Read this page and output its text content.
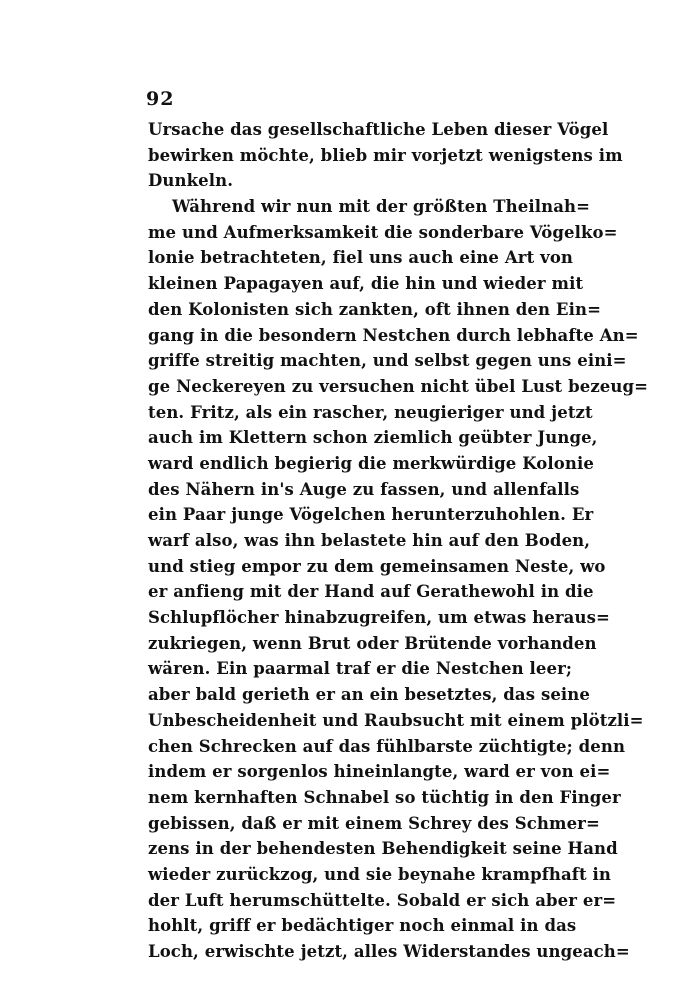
92
Ursache das gesellschaftliche Leben dieser Vögel
bewirken möchte, blieb mir vorjetzt wenigstens im
Dunkeln.
Während wir nun mit der größten Theilnah=
me und Aufmerksamkeit die sonderbare Vögelko=
lonie betrachteten, fiel uns auch eine Art von
kleinen Papagayen auf, die hin und wieder mit
den Kolonisten sich zankten, oft ihnen den Ein=
gang in die besondern Nestchen durch lebhafte An=
griffe streitig machten, und selbst gegen uns eini=
ge Neckereyen zu versuchen nicht übel Lust bezeug=
ten. Fritz, als ein rascher, neugieriger und jetzt
auch im Klettern schon ziemlich geübter Junge,
ward endlich begierig die merkwürdige Kolonie
des Nähern in's Auge zu fassen, und allenfalls
ein Paar junge Vögelchen herunterzuhohlen. Er
warf also, was ihn belastete hin auf den Boden,
und stieg empor zu dem gemeinsamen Neste, wo
er anfieng mit der Hand auf Gerathewohl in die
Schlupflöcher hinabzugreifen, um etwas heraus=
zukriegen, wenn Brut oder Brütende vorhanden
wären. Ein paarmal traf er die Nestchen leer;
aber bald gerieth er an ein besetztes, das seine
Unbescheidenheit und Raubsucht mit einem plötzli=
chen Schrecken auf das fühlbarste züchtigte; denn
indem er sorgenlos hineinlangte, ward er von ei=
nem kernhaften Schnabel so tüchtig in den Finger
gebissen, daß er mit einem Schrey des Schmer=
zens in der behendesten Behendigkeit seine Hand
wieder zurückzog, und sie beynahe krampfhaft in
der Luft herumschüttelte. Sobald er sich aber er=
hohlt, griff er bedächtiger noch einmal in das
Loch, erwischte jetzt, alles Widerstandes ungeach=
